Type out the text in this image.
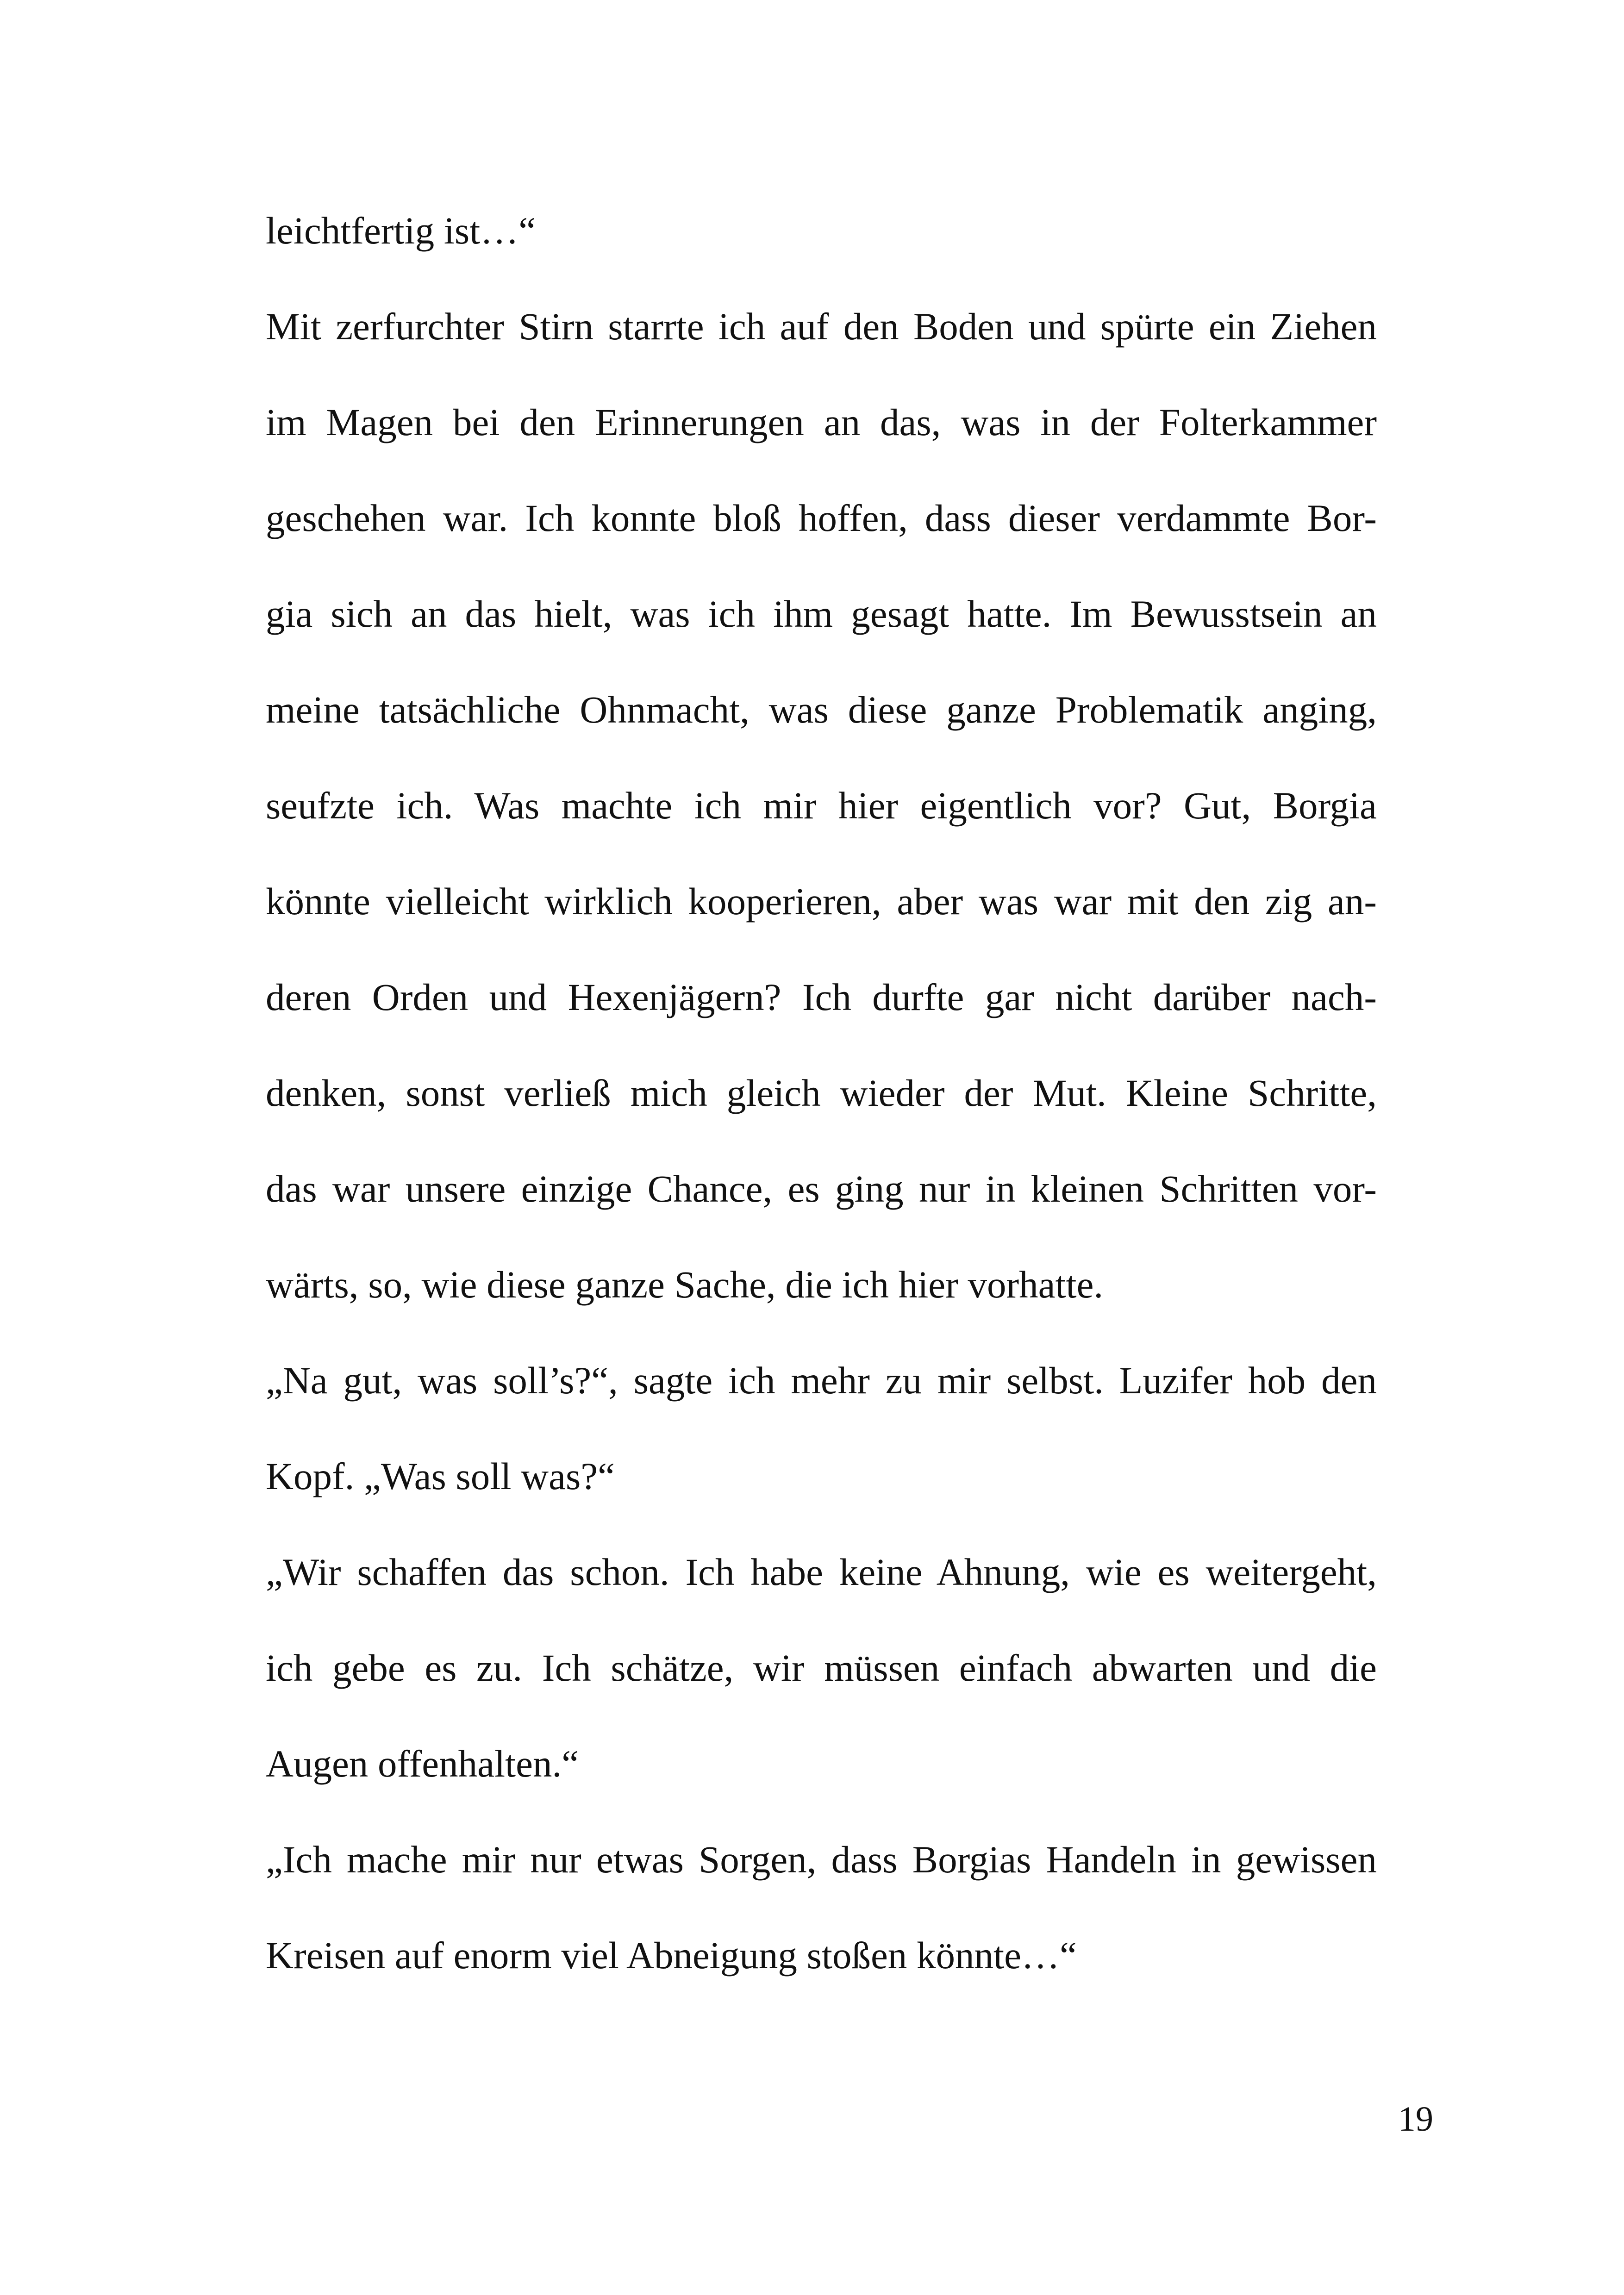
leichtfertig ist…“
Mit zerfurchter Stirn starrte ich auf den Boden und spürte ein Ziehen
im Magen bei den Erinnerungen an das, was in der Folterkammer
geschehen war. Ich konnte bloß hoffen, dass dieser verdammte Bor-
gia sich an das hielt, was ich ihm gesagt hatte. Im Bewusstsein an
meine tatsächliche Ohnmacht, was diese ganze Problematik anging,
seufzte ich. Was machte ich mir hier eigentlich vor? Gut, Borgia
könnte vielleicht wirklich kooperieren, aber was war mit den zig an-
deren Orden und Hexenjägern? Ich durfte gar nicht darüber nach-
denken, sonst verließ mich gleich wieder der Mut. Kleine Schritte,
das war unsere einzige Chance, es ging nur in kleinen Schritten vor-
wärts, so, wie diese ganze Sache, die ich hier vorhatte.
„Na gut, was soll’s?“, sagte ich mehr zu mir selbst. Luzifer hob den
Kopf. „Was soll was?“
„Wir schaffen das schon. Ich habe keine Ahnung, wie es weitergeht,
ich gebe es zu. Ich schätze, wir müssen einfach abwarten und die
Augen offenhalten.“
„Ich mache mir nur etwas Sorgen, dass Borgias Handeln in gewissen
Kreisen auf enorm viel Abneigung stoßen könnte…“
19
